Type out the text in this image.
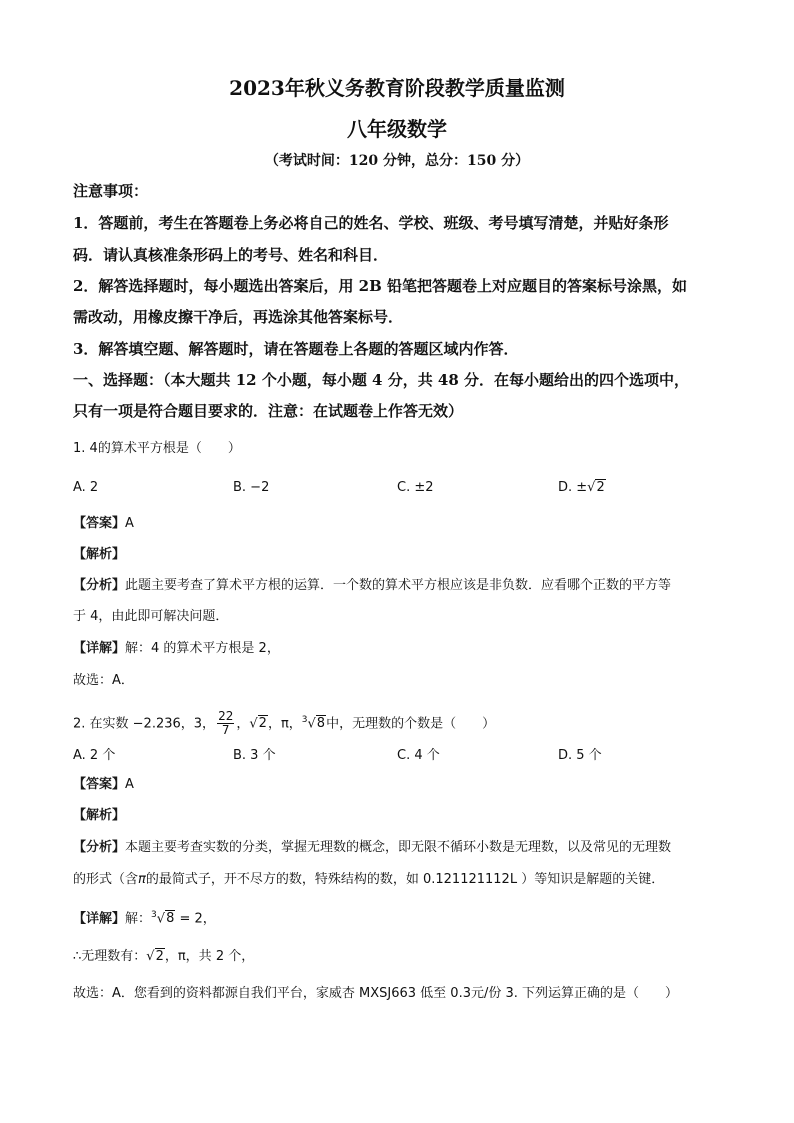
2023年秋义务教育阶段教学质量监测
八年级数学
（考试时间：120 分钟，总分：150 分）
注意事项：
1．答题前，考生在答题卷上务必将自己的姓名、学校、班级、考号填写清楚，并贴好条形
码．请认真核准条形码上的考号、姓名和科目．
2．解答选择题时，每小题选出答案后，用 2B 铅笔把答题卷上对应题目的答案标号涂黑，如
需改动，用橡皮擦干净后，再选涂其他答案标号．
3．解答填空题、解答题时，请在答题卷上各题的答题区域内作答．
一、选择题：（本大题共 12 个小题，每小题 4 分，共 48 分．在每小题给出的四个选项中，
只有一项是符合题目要求的．注意：在试题卷上作答无效）
1. 4的算术平方根是（　　）
A. 2	B. −2	C. ±2	D. ±√2
【答案】A
【解析】
【分析】此题主要考查了算术平方根的运算．一个数的算术平方根应该是非负数．应看哪个正数的平方等
于 4，由此即可解决问题．
【详解】解：4 的算术平方根是 2，
故选：A．
2. 在实数 −2.236，3， $\frac{22}{7}$ ，√2，π，$^3$√8中，无理数的个数是（　　）
A. 2 个	B. 3 个	C. 4 个	D. 5 个
【答案】A
【解析】
【分析】本题主要考查实数的分类，掌握无理数的概念，即无限不循环小数是无理数，以及常见的无理数
的形式（含π的最简式子，开不尽方的数，特殊结构的数，如 0.121121112L ）等知识是解题的关键．
【详解】解：$^3$√8 = 2，
∴无理数有：√2，π，共 2 个，
故选：A．您看到的资料都源自我们平台，家威杏 MXSJ663 低至 0.3元/份 3. 下列运算正确的是（　　）
